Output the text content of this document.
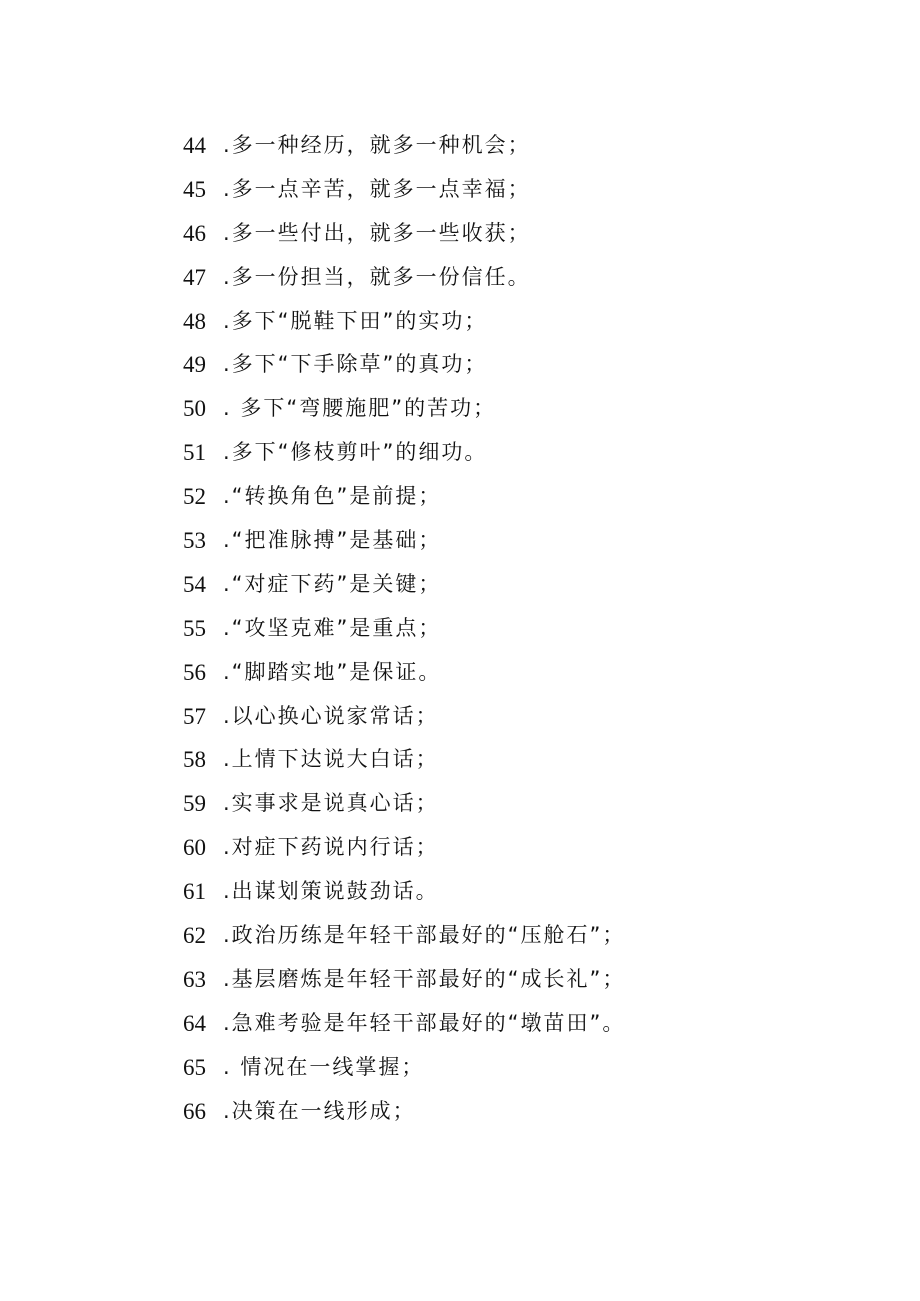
44 .多一种经历，就多一种机会；
45 .多一点辛苦，就多一点幸福；
46 .多一些付出，就多一些收获；
47 .多一份担当，就多一份信任。
48 .多下“脱鞋下田”的实功；
49 .多下“下手除草”的真功；
50 . 多下“弯腰施肥”的苦功；
51 .多下“修枝剪叶”的细功。
52 .“转换角色”是前提；
53 .“把准脉搏”是基础；
54 .“对症下药”是关键；
55 .“攻坚克难”是重点；
56 .“脚踏实地”是保证。
57 .以心换心说家常话；
58 .上情下达说大白话；
59 .实事求是说真心话；
60 .对症下药说内行话；
61 .出谋划策说鼓劲话。
62 .政治历练是年轻干部最好的“压舱石”；
63 .基层磨炼是年轻干部最好的“成长礼”；
64 .急难考验是年轻干部最好的“墩苗田”。
65 . 情况在一线掌握；
66 .决策在一线形成；
